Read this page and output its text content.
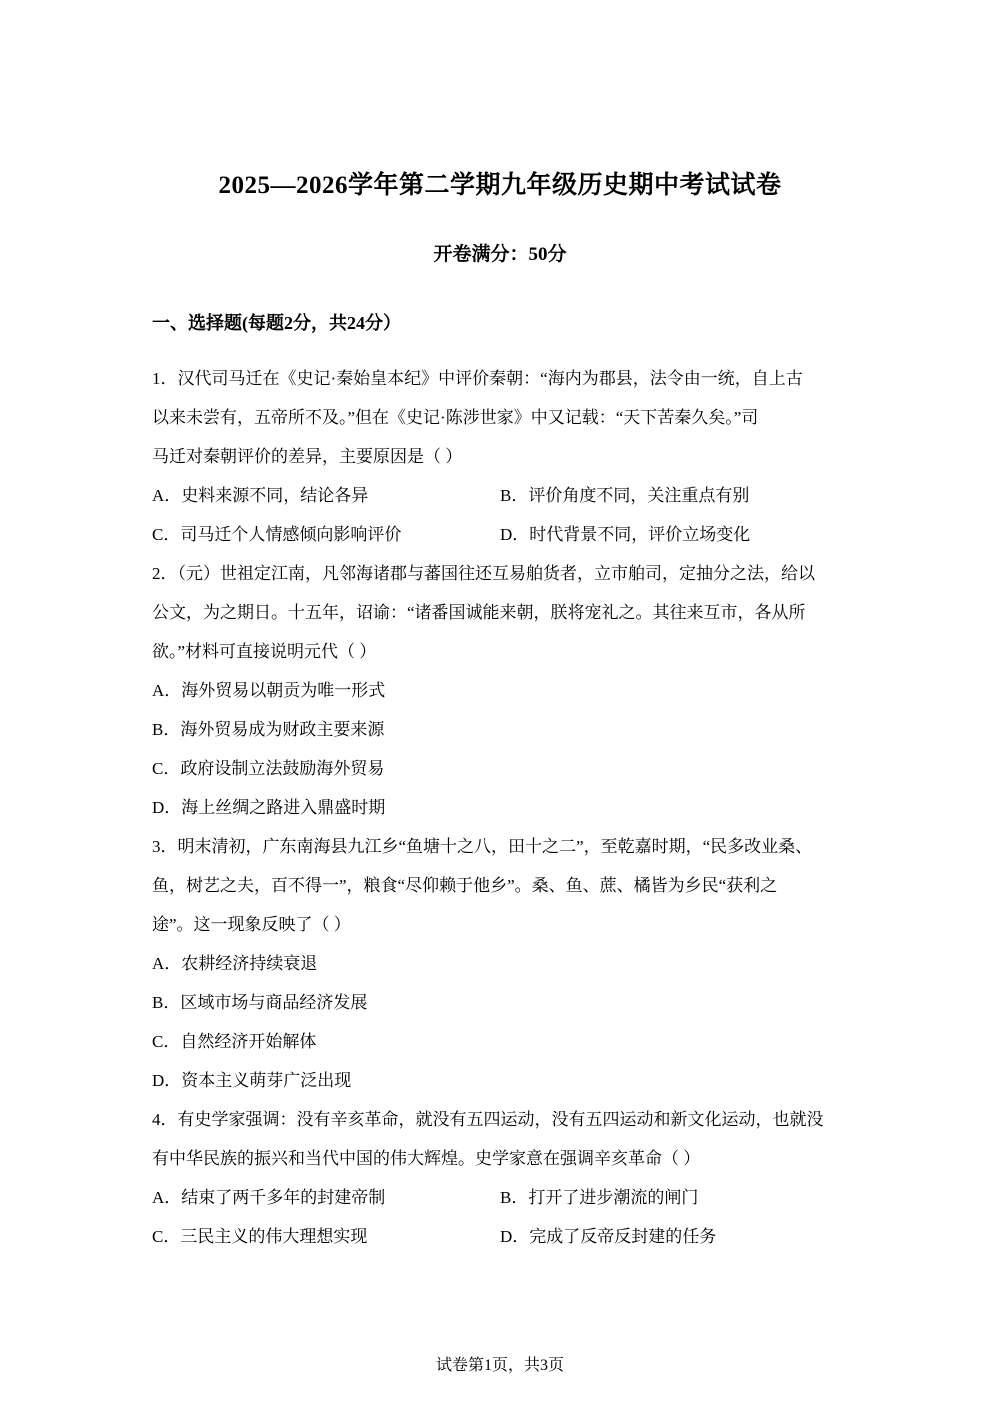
2025—2026学年第二学期九年级历史期中考试试卷
开卷满分：50分
一、选择题(每题2分，共24分）
1．汉代司马迁在《史记·秦始皇本纪》中评价秦朝：“海内为郡县，法令由一统，自上古
以来未尝有，五帝所不及。”但在《史记·陈涉世家》中又记载：“天下苦秦久矣。”司
马迁对秦朝评价的差异，主要原因是（ ）
A．史料来源不同，结论各异	B．评价角度不同，关注重点有别
C．司马迁个人情感倾向影响评价	D．时代背景不同，评价立场变化
2．（元）世祖定江南，凡邻海诸郡与蕃国往还互易舶货者，立市舶司，定抽分之法，给以
公文，为之期日。十五年，诏谕：“诸番国诚能来朝，朕将宠礼之。其往来互市，各从所
欲。”材料可直接说明元代（ ）
A．海外贸易以朝贡为唯一形式
B．海外贸易成为财政主要来源
C．政府设制立法鼓励海外贸易
D．海上丝绸之路进入鼎盛时期
3．明末清初，广东南海县九江乡“鱼塘十之八，田十之二”，至乾嘉时期，“民多改业桑、
鱼，树艺之夫，百不得一”，粮食“尽仰赖于他乡”。桑、鱼、蔗、橘皆为乡民“获利之
途”。这一现象反映了（ ）
A．农耕经济持续衰退
B．区域市场与商品经济发展
C．自然经济开始解体
D．资本主义萌芽广泛出现
4．有史学家强调：没有辛亥革命，就没有五四运动，没有五四运动和新文化运动，也就没
有中华民族的振兴和当代中国的伟大辉煌。史学家意在强调辛亥革命（ ）
A．结束了两千多年的封建帝制	B．打开了进步潮流的闸门
C．三民主义的伟大理想实现	D．完成了反帝反封建的任务
试卷第1页，共3页
